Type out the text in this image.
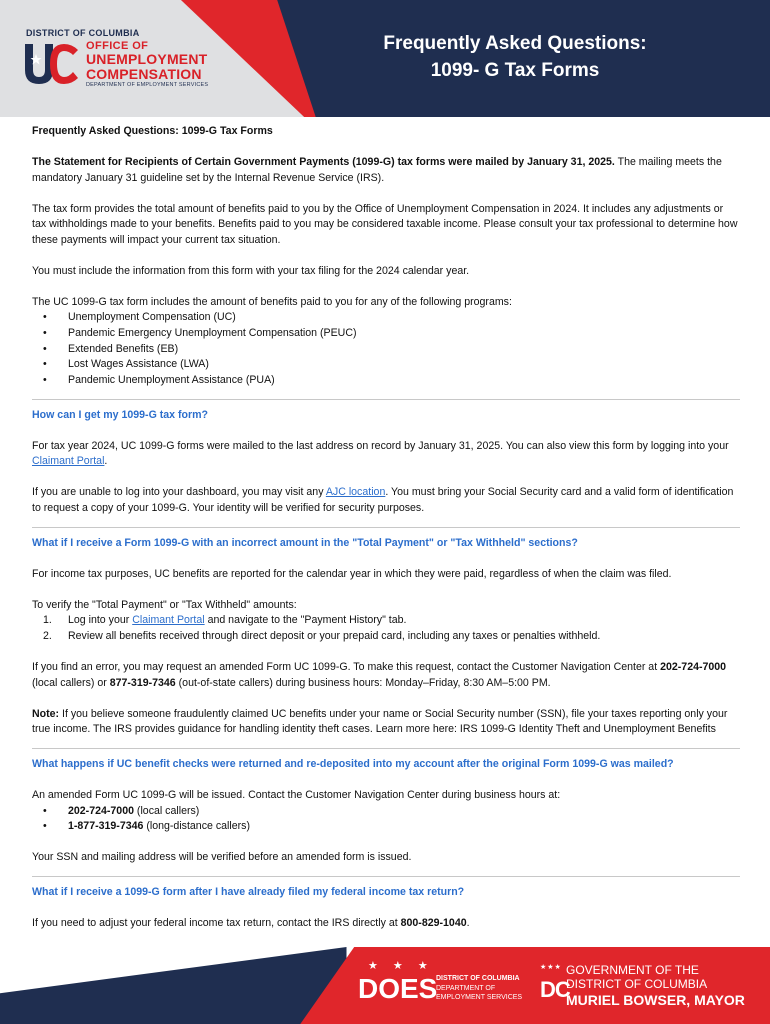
DISTRICT OF COLUMBIA
OFFICE OF
UNEMPLOYMENT
COMPENSATION
DEPARTMENT OF EMPLOYMENT SERVICES
Frequently Asked Questions:
1099- G Tax Forms

Frequently Asked Questions: 1099-G Tax Forms

The Statement for Recipients of Certain Government Payments (1099-G) tax forms were mailed by January 31, 2025. The mailing meets the mandatory January 31 guideline set by the Internal Revenue Service (IRS).

The tax form provides the total amount of benefits paid to you by the Office of Unemployment Compensation in 2024. It includes any adjustments or tax withholdings made to your benefits. Benefits paid to you may be considered taxable income. Please consult your tax professional to determine how these payments will impact your current tax situation.

You must include the information from this form with your tax filing for the 2024 calendar year.

The UC 1099-G tax form includes the amount of benefits paid to you for any of the following programs:

• Unemployment Compensation (UC)
• Pandemic Emergency Unemployment Compensation (PEUC)
• Extended Benefits (EB)
• Lost Wages Assistance (LWA)
• Pandemic Unemployment Assistance (PUA)

How can I get my 1099-G tax form?

For tax year 2024, UC 1099-G forms were mailed to the last address on record by January 31, 2025. You can also view this form by logging into your Claimant Portal.

If you are unable to log into your dashboard, you may visit any AJC location. You must bring your Social Security card and a valid form of identification to request a copy of your 1099-G. Your identity will be verified for security purposes.

What if I receive a Form 1099-G with an incorrect amount in the "Total Payment" or "Tax Withheld" sections?

For income tax purposes, UC benefits are reported for the calendar year in which they were paid, regardless of when the claim was filed.

To verify the "Total Payment" or "Tax Withheld" amounts:

1. Log into your Claimant Portal and navigate to the "Payment History" tab.
2. Review all benefits received through direct deposit or your prepaid card, including any taxes or penalties withheld.

If you find an error, you may request an amended Form UC 1099-G. To make this request, contact the Customer Navigation Center at 202-724-7000 (local callers) or 877-319-7346 (out-of-state callers) during business hours: Monday–Friday, 8:30 AM–5:00 PM.

Note: If you believe someone fraudulently claimed UC benefits under your name or Social Security number (SSN), file your taxes reporting only your true income. The IRS provides guidance for handling identity theft cases. Learn more here: IRS 1099-G Identity Theft and Unemployment Benefits

What happens if UC benefit checks were returned and re-deposited into my account after the original Form 1099-G was mailed?

An amended Form UC 1099-G will be issued. Contact the Customer Navigation Center during business hours at:

• 202-724-7000 (local callers)
• 1-877-319-7346 (long-distance callers)

Your SSN and mailing address will be verified before an amended form is issued.

What if I receive a 1099-G form after I have already filed my federal income tax return?

If you need to adjust your federal income tax return, contact the IRS directly at 800-829-1040.

★ ★ ★
DOES
DISTRICT OF COLUMBIA
DEPARTMENT OF
EMPLOYMENT SERVICES
★★★
DC
GOVERNMENT OF THE
DISTRICT OF COLUMBIA
MURIEL BOWSER, MAYOR
